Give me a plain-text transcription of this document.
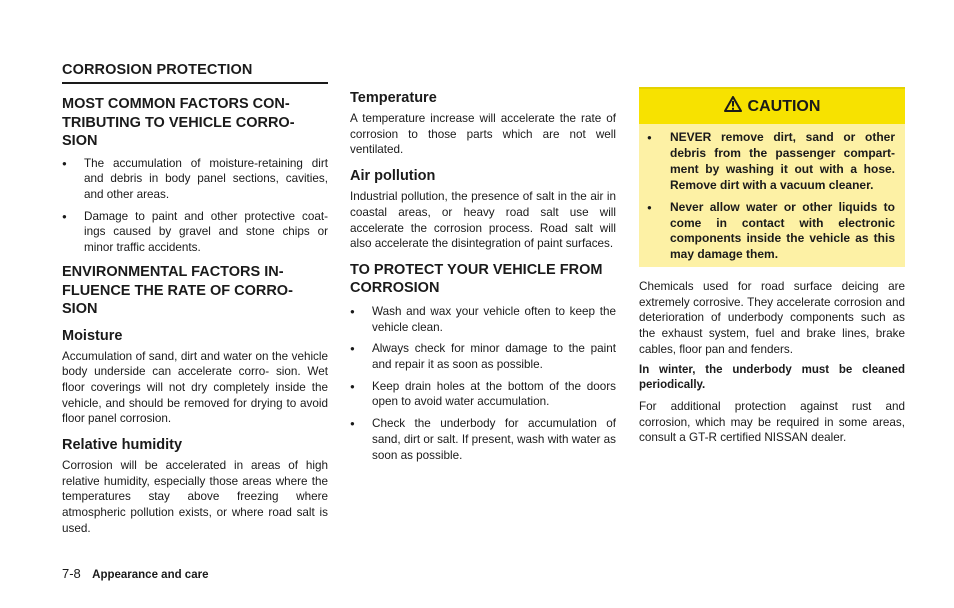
CORROSION PROTECTION
MOST COMMON FACTORS CON- TRIBUTING TO VEHICLE CORRO- SION
● The accumulation of moisture-retaining dirt and debris in body panel sections, cavities, and other areas.
● Damage to paint and other protective coat- ings caused by gravel and stone chips or minor traffic accidents.
ENVIRONMENTAL FACTORS IN- FLUENCE THE RATE OF CORRO- SION
Moisture

Accumulation of sand, dirt and water on the vehicle body underside can accelerate corro- sion. Wet floor coverings will not dry completely inside the vehicle, and should be removed for drying to avoid floor panel corrosion.

Relative humidity

Corrosion will be accelerated in areas of high relative humidity, especially those areas where the temperatures stay above freezing where atmospheric pollution exists, or where road salt is used.

Temperature

A temperature increase will accelerate the rate of corrosion to those parts which are not well ventilated.

Air pollution

Industrial pollution, the presence of salt in the air in coastal areas, or heavy road salt use will accelerate the corrosion process. Road salt will also accelerate the disintegration of paint surfaces.

TO PROTECT YOUR VEHICLE FROM CORROSION
● Wash and wax your vehicle often to keep the vehicle clean.
● Always check for minor damage to the paint and repair it as soon as possible.
● Keep drain holes at the bottom of the doors open to avoid water accumulation.
● Check the underbody for accumulation of sand, dirt or salt. If present, wash with water as soon as possible.
CAUTION
● NEVER remove dirt, sand or other debris from the passenger compart- ment by washing it out with a hose. Remove dirt with a vacuum cleaner.
● Never allow water or other liquids to come in contact with electronic components inside the vehicle as this may damage them.

Chemicals used for road surface deicing are extremely corrosive. They accelerate corrosion and deterioration of underbody components such as the exhaust system, fuel and brake lines, brake cables, floor pan and fenders.

In winter, the underbody must be cleaned periodically.

For additional protection against rust and corrosion, which may be required in some areas, consult a GT-R certified NISSAN dealer.

7-8 Appearance and care
